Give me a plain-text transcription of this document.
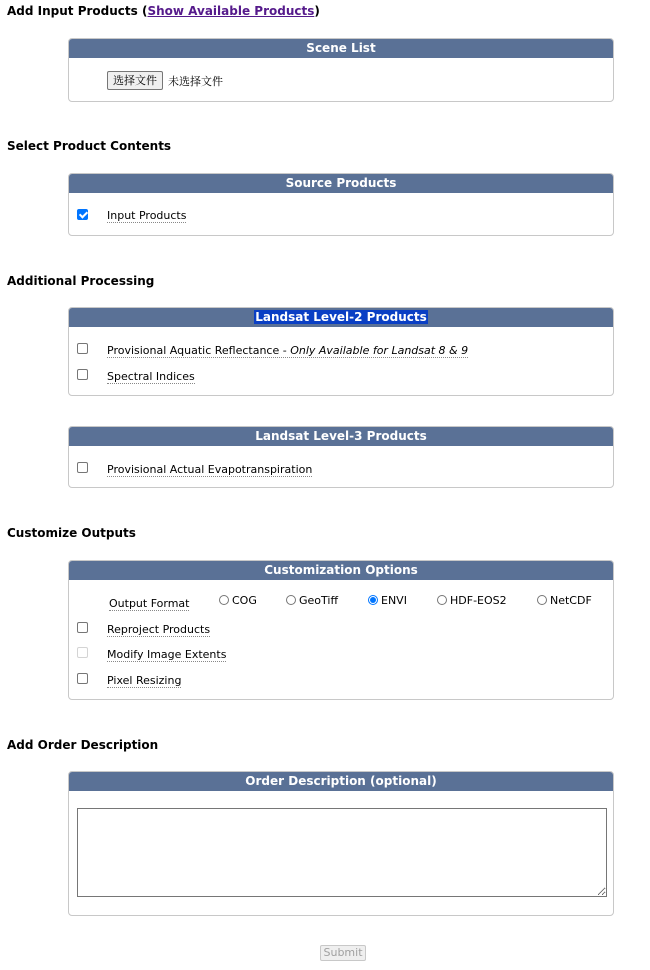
Add Input Products (Show Available Products)
Scene List
选择文件	未选择文件
Select Product Contents
Source Products
Input Products
Additional Processing
Landsat Level-2 Products
Provisional Aquatic Reflectance - Only Available for Landsat 8 & 9
Spectral Indices
Landsat Level-3 Products
Provisional Actual Evapotranspiration
Customize Outputs
Customization Options
Output Format	COG	GeoTiff	ENVI	HDF-EOS2	NetCDF
Reproject Products
Modify Image Extents
Pixel Resizing
Add Order Description
Order Description (optional)
Submit
